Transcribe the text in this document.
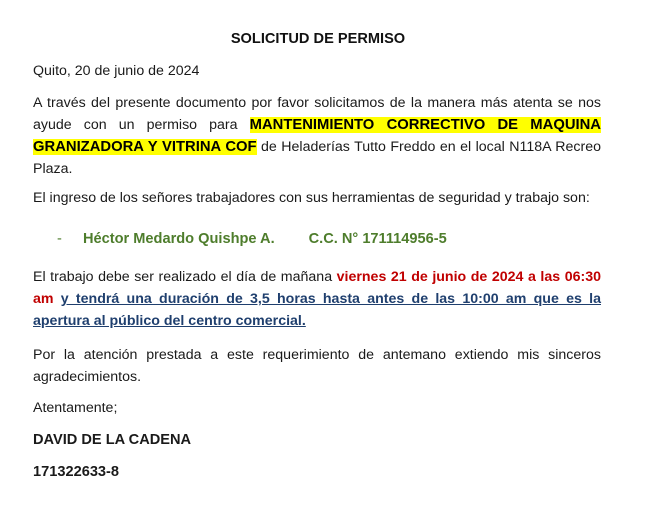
SOLICITUD DE PERMISO
Quito, 20 de junio de 2024
A través del presente documento por favor solicitamos de la manera más atenta se nos ayude con un permiso para MANTENIMIENTO CORRECTIVO DE MAQUINA GRANIZADORA Y VITRINA COF de Heladerías Tutto Freddo en el local N118A Recreo Plaza.
El ingreso de los señores trabajadores con sus herramientas de seguridad y trabajo son:
- Héctor Medardo Quishpe A. C.C. N° 171114956-5
El trabajo debe ser realizado el día de mañana viernes 21 de junio de 2024 a las 06:30 am y tendrá una duración de 3,5 horas hasta antes de las 10:00 am que es la apertura al público del centro comercial.
Por la atención prestada a este requerimiento de antemano extiendo mis sinceros agradecimientos.
Atentamente;
DAVID DE LA CADENA
171322633-8
